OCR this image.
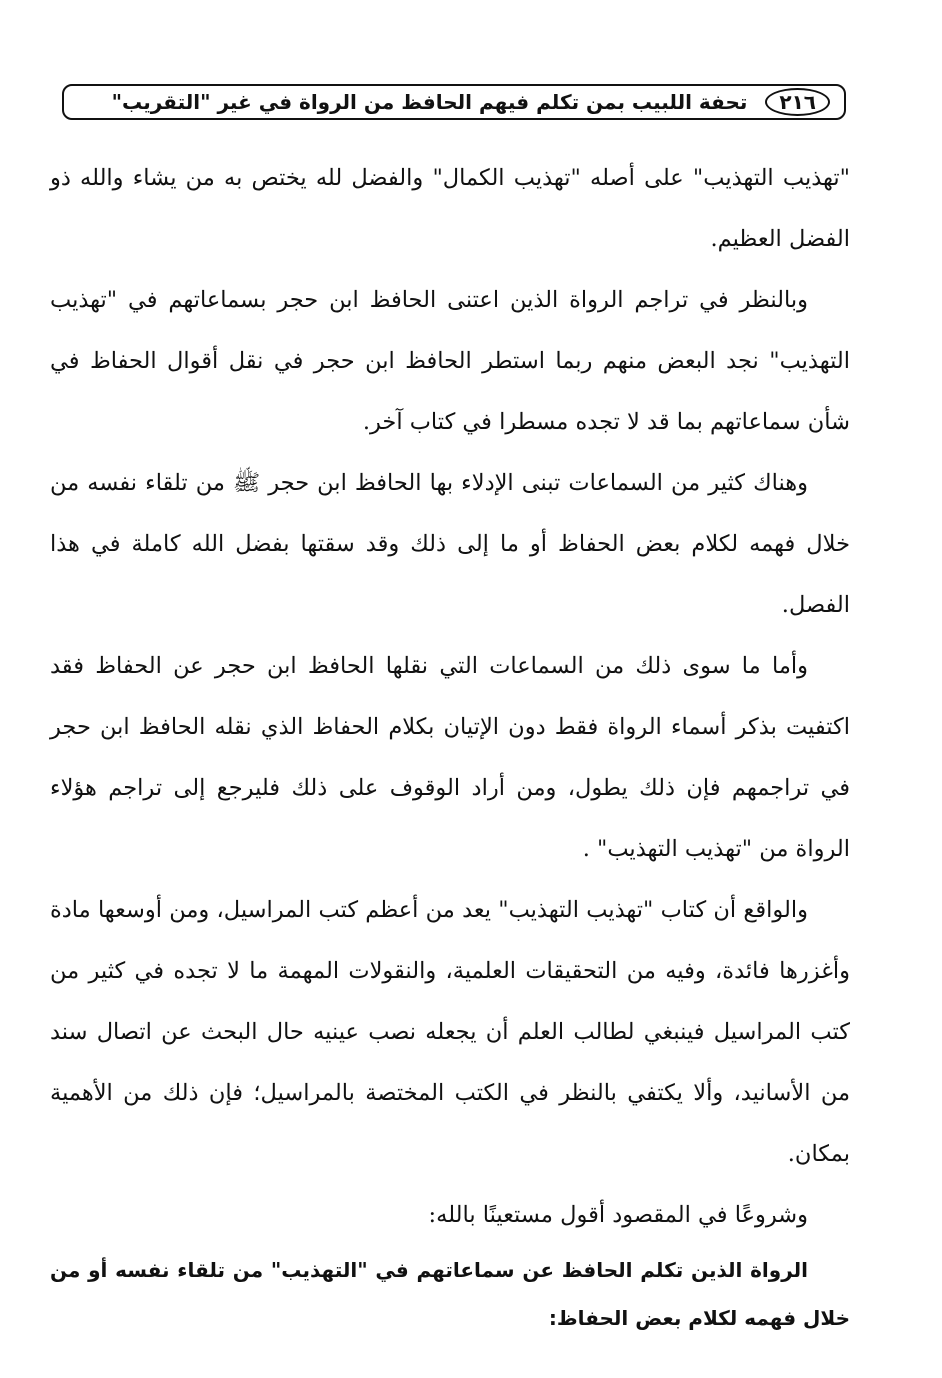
٢١٦
تحفة اللبيب بمن تكلم فيهم الحافظ من الرواة في غير "التقريب"

"تهذيب التهذيب" على أصله "تهذيب الكمال" والفضل لله يختص به من يشاء والله ذو الفضل العظيم.

وبالنظر في تراجم الرواة الذين اعتنى الحافظ ابن حجر بسماعاتهم في "تهذيب التهذيب" نجد البعض منهم ربما استطر الحافظ ابن حجر في نقل أقوال الحفاظ في شأن سماعاتهم بما قد لا تجده مسطرا في كتاب آخر.

وهناك كثير من السماعات تبنى الإدلاء بها الحافظ ابن حجر ﷺ من تلقاء نفسه من خلال فهمه لكلام بعض الحفاظ أو ما إلى ذلك وقد سقتها بفضل الله كاملة في هذا الفصل.

وأما ما سوى ذلك من السماعات التي نقلها الحافظ ابن حجر عن الحفاظ فقد اكتفيت بذكر أسماء الرواة فقط دون الإتيان بكلام الحفاظ الذي نقله الحافظ ابن حجر في تراجمهم فإن ذلك يطول، ومن أراد الوقوف على ذلك فليرجع إلى تراجم هؤلاء الرواة من "تهذيب التهذيب" .

والواقع أن كتاب "تهذيب التهذيب" يعد من أعظم كتب المراسيل، ومن أوسعها مادة وأغزرها فائدة، وفيه من التحقيقات العلمية، والنقولات المهمة ما لا تجده في كثير من كتب المراسيل فينبغي لطالب العلم أن يجعله نصب عينيه حال البحث عن اتصال سند من الأسانيد، وألا يكتفي بالنظر في الكتب المختصة بالمراسيل؛ فإن ذلك من الأهمية بمكان.

وشروعًا في المقصود أقول مستعينًا بالله:

الرواة الذين تكلم الحافظ عن سماعاتهم في "التهذيب" من تلقاء نفسه أو من خلال فهمه لكلام بعض الحفاظ:
